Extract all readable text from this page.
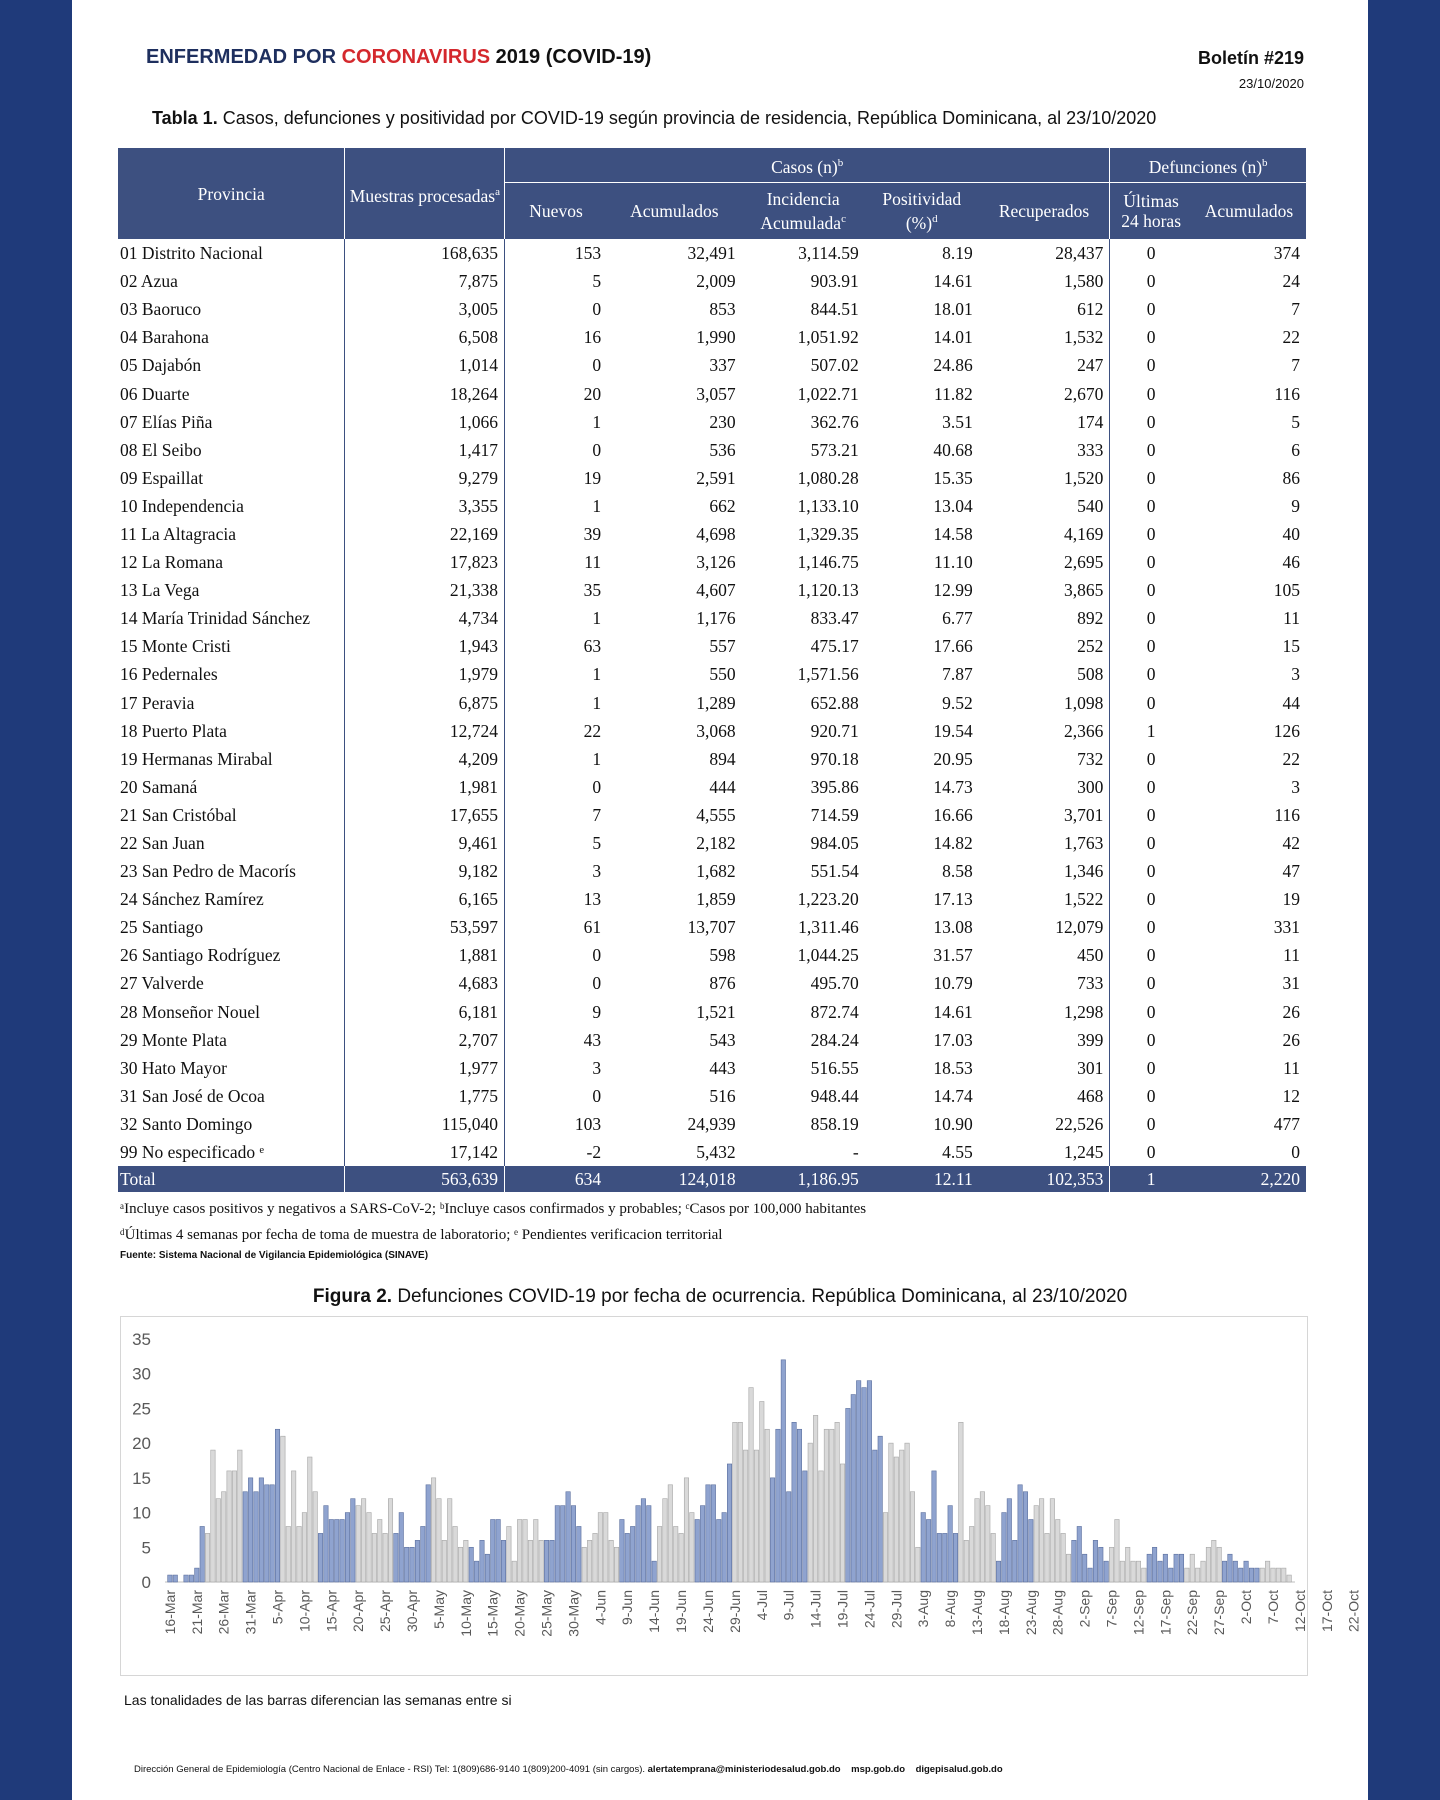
ENFERMEDAD POR CORONAVIRUS 2019 (COVID-19)	Boletín #219
23/10/2020
Tabla 1. Casos, defunciones y positividad por COVID-19 según provincia de residencia, República Dominicana, al 23/10/2020
Provincia	Muestras procesadas$^a$	Casos $(n)^b$					Defunciones $(n)^b$
		Nuevos	Acumulados	Incidencia Acumulada$^c$	Positividad (%)$^d$	Recuperados	Últimas 24 horas	Acumulados
01 Distrito Nacional	168,635	153	32,491	3,114.59	8.19	28,437	0	374
02 Azua	7,875	5	2,009	903.91	14.61	1,580	0	24
03 Baoruco	3,005	0	853	844.51	18.01	612	0	7
04 Barahona	6,508	16	1,990	1,051.92	14.01	1,532	0	22
05 Dajabón	1,014	0	337	507.02	24.86	247	0	7
06 Duarte	18,264	20	3,057	1,022.71	11.82	2,670	0	116
07 Elías Piña	1,066	1	230	362.76	3.51	174	0	5
08 El Seibo	1,417	0	536	573.21	40.68	333	0	6
09 Espaillat	9,279	19	2,591	1,080.28	15.35	1,520	0	86
10 Independencia	3,355	1	662	1,133.10	13.04	540	0	9
11 La Altagracia	22,169	39	4,698	1,329.35	14.58	4,169	0	40
12 La Romana	17,823	11	3,126	1,146.75	11.10	2,695	0	46
13 La Vega	21,338	35	4,607	1,120.13	12.99	3,865	0	105
14 María Trinidad Sánchez	4,734	1	1,176	833.47	6.77	892	0	11
15 Monte Cristi	1,943	63	557	475.17	17.66	252	0	15
16 Pedernales	1,979	1	550	1,571.56	7.87	508	0	3
17 Peravia	6,875	1	1,289	652.88	9.52	1,098	0	44
18 Puerto Plata	12,724	22	3,068	920.71	19.54	2,366	1	126
19 Hermanas Mirabal	4,209	1	894	970.18	20.95	732	0	22
20 Samaná	1,981	0	444	395.86	14.73	300	0	3
21 San Cristóbal	17,655	7	4,555	714.59	16.66	3,701	0	116
22 San Juan	9,461	5	2,182	984.05	14.82	1,763	0	42
23 San Pedro de Macorís	9,182	3	1,682	551.54	8.58	1,346	0	47
24 Sánchez Ramírez	6,165	13	1,859	1,223.20	17.13	1,522	0	19
25 Santiago	53,597	61	13,707	1,311.46	13.08	12,079	0	331
26 Santiago Rodríguez	1,881	0	598	1,044.25	31.57	450	0	11
27 Valverde	4,683	0	876	495.70	10.79	733	0	31
28 Monseñor Nouel	6,181	9	1,521	872.74	14.61	1,298	0	26
29 Monte Plata	2,707	43	543	284.24	17.03	399	0	26
30 Hato Mayor	1,977	3	443	516.55	18.53	301	0	11
31 San José de Ocoa	1,775	0	516	948.44	14.74	468	0	12
32 Santo Domingo	115,040	103	24,939	858.19	10.90	22,526	0	477
99 No especificado ᵉ	17,142	-2	5,432	-	4.55	1,245	0	0
Total	563,639	634	124,018	1,186.95	12.11	102,353	1	2,220
ᵃIncluye casos positivos y negativos a SARS-CoV-2; ᵇIncluye casos confirmados y probables; ᶜCasos por 100,000 habitantes
ᵈÚltimas 4 semanas por fecha de toma de muestra de laboratorio; ᵉ Pendientes verificacion territorial
Fuente: Sistema Nacional de Vigilancia Epidemiológica (SINAVE)
Figura 2. Defunciones COVID-19 por fecha de ocurrencia. República Dominicana, al 23/10/2020
0
5
10
15
20
25
30
35
16-Mar 21-Mar 26-Mar 31-Mar 5-Apr 10-Apr 15-Apr 20-Apr 25-Apr 30-Apr 5-May 10-May 15-May 20-May 25-May 30-May 4-Jun 9-Jun 14-Jun 19-Jun 24-Jun 29-Jun 4-Jul 9-Jul 14-Jul 19-Jul 24-Jul 29-Jul 3-Aug 8-Aug 13-Aug 18-Aug 23-Aug 28-Aug 2-Sep 7-Sep 12-Sep 17-Sep 22-Sep 27-Sep 2-Oct 7-Oct 12-Oct 17-Oct 22-Oct
Las tonalidades de las barras diferencian las semanas entre si
Dirección General de Epidemiología (Centro Nacional de Enlace - RSI) Tel: 1(809)686-9140 1(809)200-4091 (sin cargos). alertatemprana@ministeriodesalud.gob.do msp.gob.do digepisalud.gob.do
